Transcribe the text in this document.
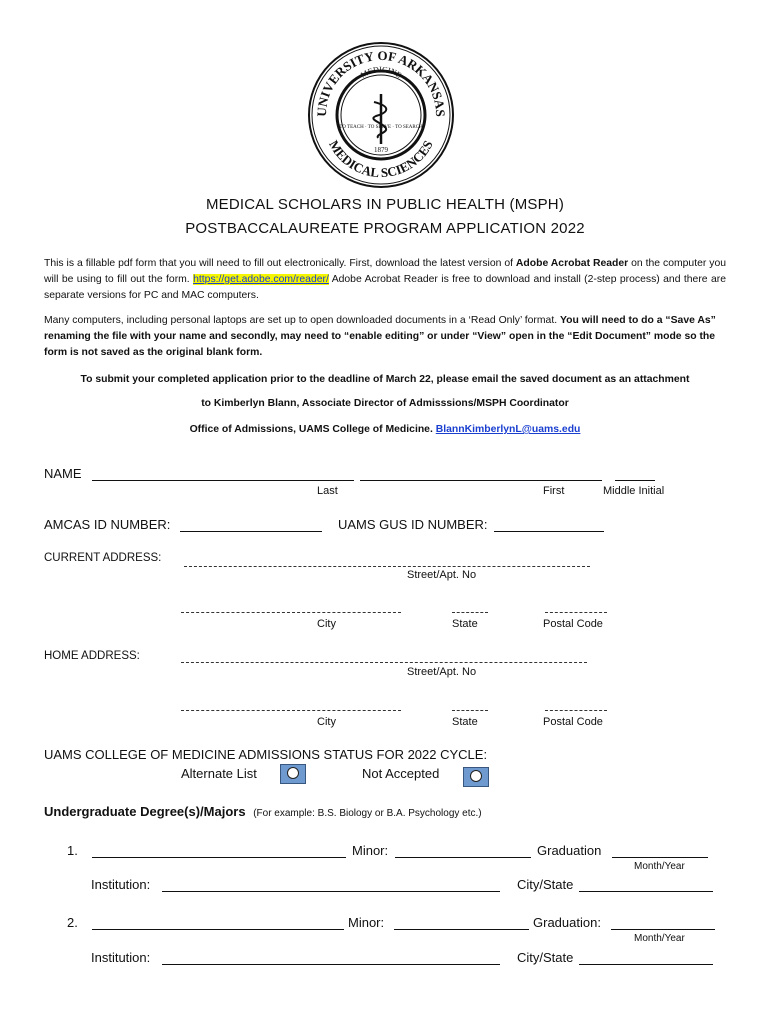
UNIVERSITY OF ARKANSAS
MEDICAL SCIENCES
MEDICINE
TO TEACH · TO SERVE · TO SEARCH
1879
MEDICAL SCHOLARS IN PUBLIC HEALTH (MSPH)
POSTBACCALAUREATE PROGRAM APPLICATION 2022
This is a fillable pdf form that you will need to fill out electronically. First, download the latest version of Adobe Acrobat Reader on the computer you will be using to fill out the form. https://get.adobe.com/reader/ Adobe Acrobat Reader is free to download and install (2-step process) and there are separate versions for PC and MAC computers.
Many computers, including personal laptops are set up to open downloaded documents in a ‘Read Only’ format. You will need to do a “Save As” renaming the file with your name and secondly, may need to “enable editing” or under “View” open in the “Edit Document” mode so the form is not saved as the original blank form.
To submit your completed application prior to the deadline of March 22, please email the saved document as an attachment
to Kimberlyn Blann, Associate Director of Admisssions/MSPH Coordinator
Office of Admissions, UAMS College of Medicine. BlannKimberlynL@uams.edu
NAME
Last	First	Middle Initial
AMCAS ID NUMBER:	UAMS GUS ID NUMBER:
CURRENT ADDRESS:
Street/Apt. No
City	State	Postal Code
HOME ADDRESS:
Street/Apt. No
City	State	Postal Code
UAMS COLLEGE OF MEDICINE ADMISSIONS STATUS FOR 2022 CYCLE:
Alternate List	Not Accepted
Undergraduate Degree(s)/Majors (For example: B.S. Biology or B.A. Psychology etc.)
1.	Minor:	Graduation
Month/Year
Institution:	City/State
2.	Minor:	Graduation:
Month/Year
Institution:	City/State
